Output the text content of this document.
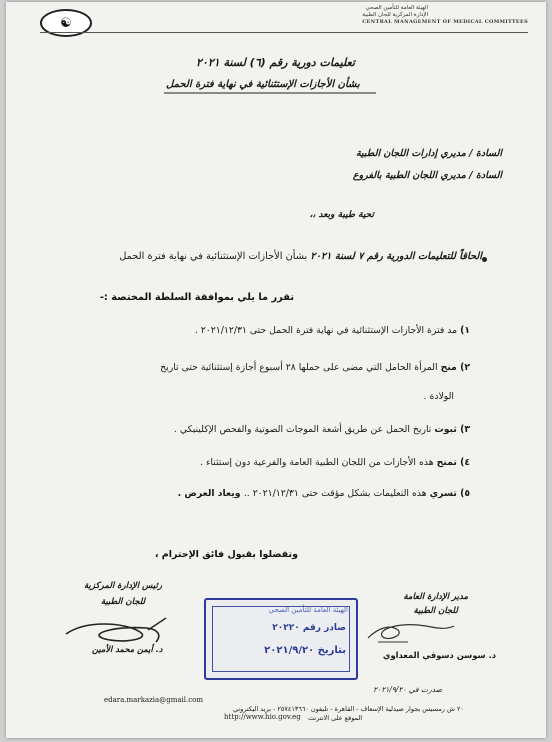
☯
الهيئة العامة للتأمين الصحي
الإدارة المركزية للجان الطبية
CENTRAL MANAGEMENT OF MEDICAL COMMITTEES
تعليمات دورية رقم (٦) لسنة ٢٠٢١
بشأن الأجازات الإستثنائية في نهاية فترة الحمل
السادة / مديري إدارات اللجان الطبية
السادة / مديري اللجان الطبية بالفروع
تحية طيبة وبعد ،،
الحاقاً للتعليمات الدورية رقم ٧ لسنة ٢٠٢١ بشأن الأجازات الإستثنائية في نهاية فترة الحمل
تقرر ما يلي بموافقة السلطة المختصة :-
١) مد فترة الأجازات الإستثنائية في نهاية فترة الحمل حتى ٢٠٢١/١٢/٣١ .
٢) منح المرأة الحامل التي مضى على حملها ٢٨ أسبوع أجازة إستثنائية حتى تاريخ
الولادة .
٣) ثبوت تاريخ الحمل عن طريق أشعة الموجات الصوتية والفحص الإكلينيكي .
٤) تمنح هذه الأجازات من اللجان الطبية العامة والفرعية دون إستثناء .
٥) تسري هذه التعليمات بشكل مؤقت حتى ٢٠٢١/١٢/٣١ .. ويعاد العرض .
وتفضلوا بقبول فائق الإحترام ،
رئيس الإدارة المركزية
للجان الطبية
د. أيمن محمد الأمين
مدير الإدارة العامة
للجان الطبية
د. سوسن دسوقي المعداوي
الهيئة العامة للتأمين الصحي
صادر رقم ٢٠٢٢٠
بتاريخ ٢٠٢١/٩/٢٠
صدرت في ٢٠٢١/٩/٢٠
edara.markazia@gmail.com
٢٠ ش رمسيس بجوار صيدلية الإسعاف - القاهرة - تليفون ٢٥٧٤١٣٦٦٠ - بريد اليكتروني
http://www.hio.gov.eg الموقع على الانترنت
